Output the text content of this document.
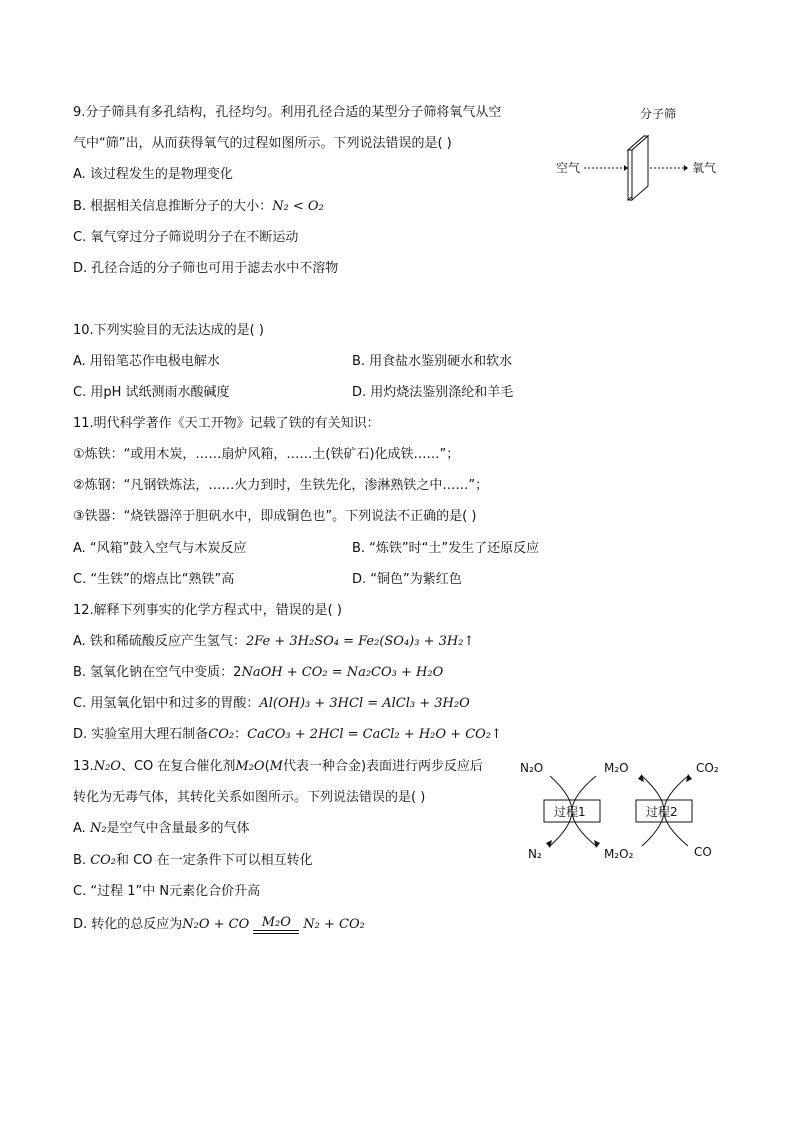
9.分子筛具有多孔结构，孔径均匀。利用孔径合适的某型分子筛将氧气从空
气中“筛”出，从而获得氧气的过程如图所示。下列说法错误的是( )
A. 该过程发生的是物理变化
B. 根据相关信息推断分子的大小：N₂ < O₂
C. 氧气穿过分子筛说明分子在不断运动
D. 孔径合适的分子筛也可用于滤去水中不溶物
分子筛
空气	氧气
10.下列实验目的无法达成的是( )
A. 用铅笔芯作电极电解水	B. 用食盐水鉴别硬水和软水
C. 用pH 试纸测雨水酸碱度	D. 用灼烧法鉴别涤纶和羊毛
11.明代科学著作《天工开物》记载了铁的有关知识：
①炼铁：“或用木炭，……扇炉风箱，……土(铁矿石)化成铁……”；
②炼钢：“凡钢铁炼法，……火力到时，生铁先化，渗淋熟铁之中……”；
③铁器：“烧铁器淬于胆矾水中，即成铜色也”。下列说法不正确的是( )
A. “风箱”鼓入空气与木炭反应	B. “炼铁”时“土”发生了还原反应
C. “生铁”的熔点比“熟铁”高	D. “铜色”为紫红色
12.解释下列事实的化学方程式中，错误的是( )
A. 铁和稀硫酸反应产生氢气：2Fe + 3H₂SO₄ = Fe₂(SO₄)₃ + 3H₂↑
B. 氢氧化钠在空气中变质：2NaOH + CO₂ = Na₂CO₃ + H₂O
C. 用氢氧化铝中和过多的胃酸：Al(OH)₃ + 3HCl = AlCl₃ + 3H₂O
D. 实验室用大理石制备CO₂：CaCO₃ + 2HCl = CaCl₂ + H₂O + CO₂↑
13.N₂O、CO 在复合催化剂M₂O(M代表一种合金)表面进行两步反应后
转化为无毒气体，其转化关系如图所示。下列说法错误的是( )
A. N₂是空气中含量最多的气体
B. CO₂和 CO 在一定条件下可以相互转化
C. “过程 1”中 N元素化合价升高
D. 转化的总反应为N₂O + CO M₂O N₂ + CO₂
过程1	过程2
N₂O	M₂O	CO₂
N₂	M₂O₂	CO
